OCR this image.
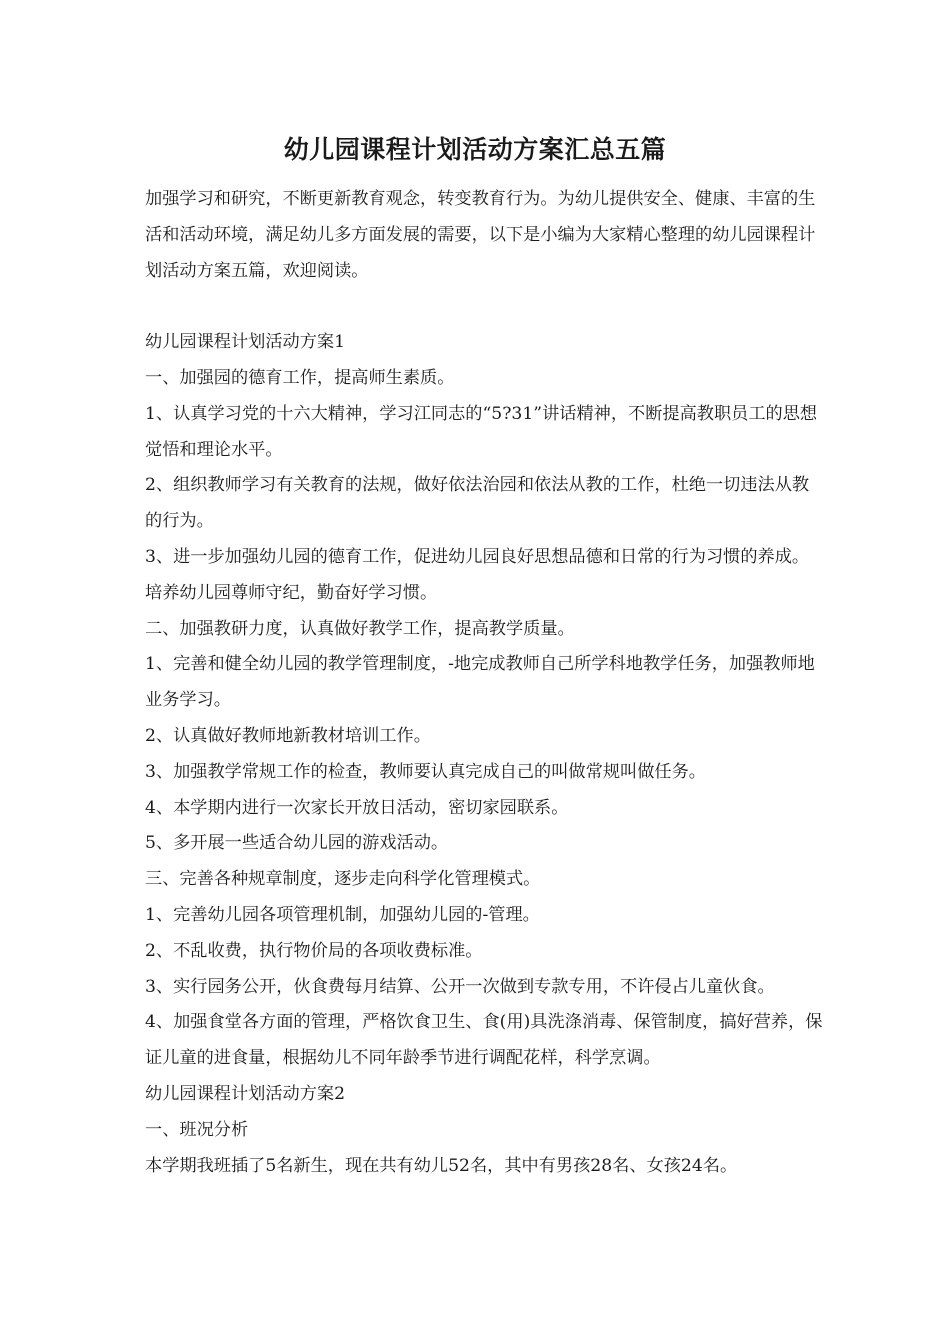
幼儿园课程计划活动方案汇总五篇

加强学习和研究，不断更新教育观念，转变教育行为。为幼儿提供安全、健康、丰富的生活和活动环境，满足幼儿多方面发展的需要，以下是小编为大家精心整理的幼儿园课程计划活动方案五篇，欢迎阅读。

幼儿园课程计划活动方案1

一、加强园的德育工作，提高师生素质。

1、认真学习党的十六大精神，学习江同志的“5?31”讲话精神，不断提高教职员工的思想觉悟和理论水平。

2、组织教师学习有关教育的法规，做好依法治园和依法从教的工作，杜绝一切违法从教的行为。

3、进一步加强幼儿园的德育工作，促进幼儿园良好思想品德和日常的行为习惯的养成。培养幼儿园尊师守纪，勤奋好学习惯。

二、加强教研力度，认真做好教学工作，提高教学质量。

1、完善和健全幼儿园的教学管理制度，-地完成教师自己所学科地教学任务，加强教师地业务学习。

2、认真做好教师地新教材培训工作。

3、加强教学常规工作的检查，教师要认真完成自己的叫做常规叫做任务。

4、本学期内进行一次家长开放日活动，密切家园联系。

5、多开展一些适合幼儿园的游戏活动。

三、完善各种规章制度，逐步走向科学化管理模式。

1、完善幼儿园各项管理机制，加强幼儿园的-管理。

2、不乱收费，执行物价局的各项收费标准。

3、实行园务公开，伙食费每月结算、公开一次做到专款专用，不许侵占儿童伙食。

4、加强食堂各方面的管理，严格饮食卫生、食(用)具洗涤消毒、保管制度，搞好营养，保证儿童的进食量，根据幼儿不同年龄季节进行调配花样，科学烹调。

幼儿园课程计划活动方案2

一、班况分析

本学期我班插了5名新生，现在共有幼儿52名，其中有男孩28名、女孩24名。
